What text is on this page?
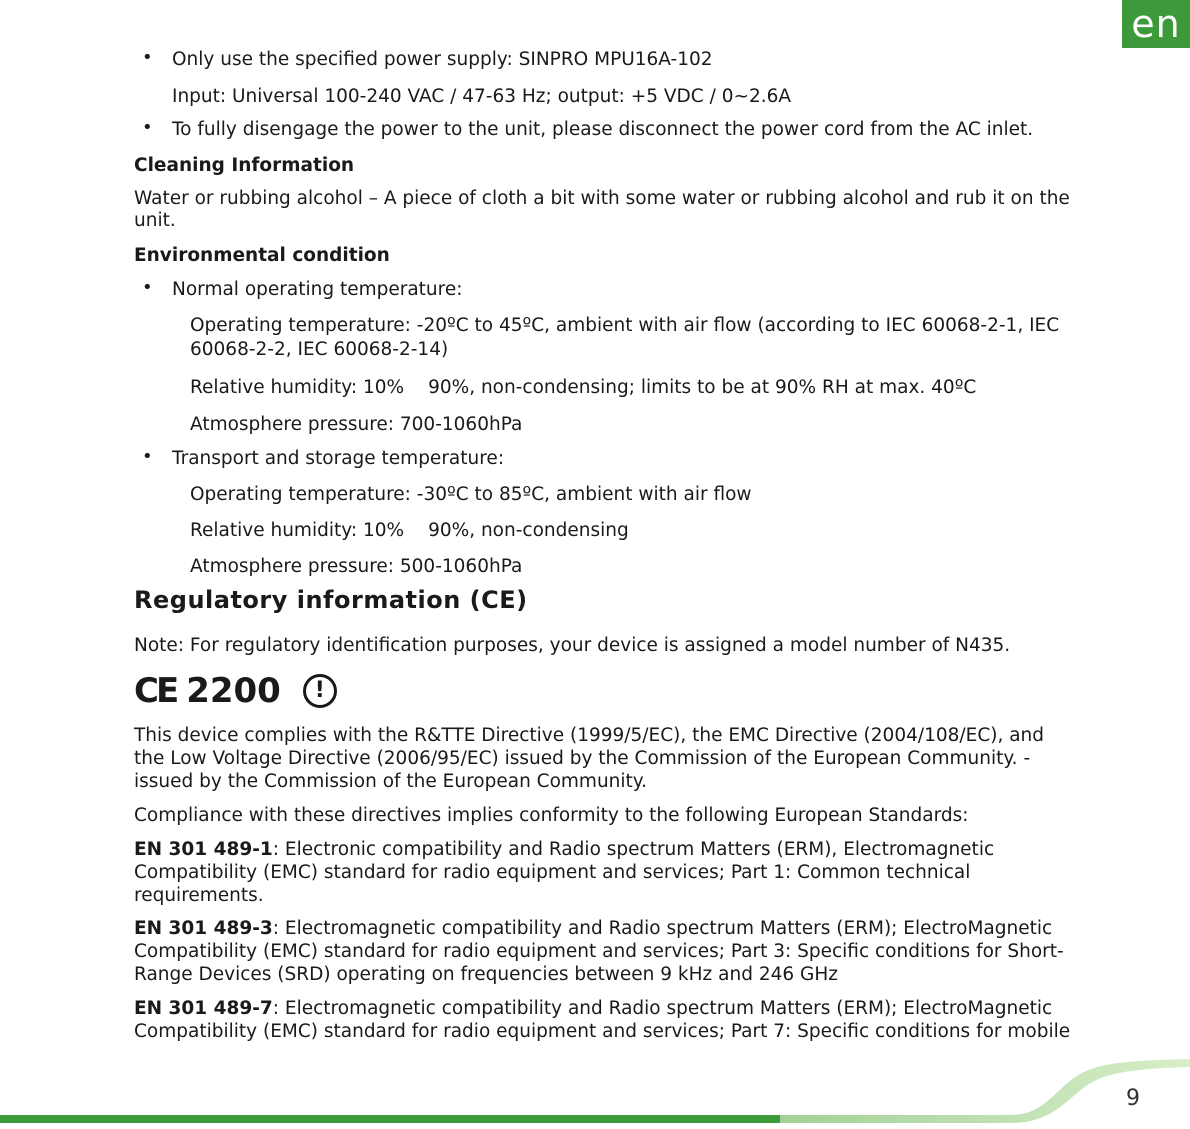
en
• Only use the specified power supply: SINPRO MPU16A-102
Input: Universal 100-240 VAC / 47-63 Hz; output: +5 VDC / 0~2.6A
• To fully disengage the power to the unit, please disconnect the power cord from the AC inlet.
Cleaning Information
Water or rubbing alcohol – A piece of cloth a bit with some water or rubbing alcohol and rub it on the
unit.
Environmental condition
• Normal operating temperature:
Operating temperature: -20ºC to 45ºC, ambient with air flow (according to IEC 60068-2-1, IEC
60068-2-2, IEC 60068-2-14)
Relative humidity: 10% 90%, non-condensing; limits to be at 90% RH at max. 40ºC
Atmosphere pressure: 700-1060hPa
• Transport and storage temperature:
Operating temperature: -30ºC to 85ºC, ambient with air flow
Relative humidity: 10% 90%, non-condensing
Atmosphere pressure: 500-1060hPa
Regulatory information (CE)
Note: For regulatory identification purposes, your device is assigned a model number of N435.
CE 2200	!
This device complies with the R&TTE Directive (1999/5/EC), the EMC Directive (2004/108/EC), and
the Low Voltage Directive (2006/95/EC) issued by the Commission of the European Community. -
issued by the Commission of the European Community.
Compliance with these directives implies conformity to the following European Standards:
EN 301 489-1: Electronic compatibility and Radio spectrum Matters (ERM), Electromagnetic
Compatibility (EMC) standard for radio equipment and services; Part 1: Common technical
requirements.
EN 301 489-3: Electromagnetic compatibility and Radio spectrum Matters (ERM); ElectroMagnetic
Compatibility (EMC) standard for radio equipment and services; Part 3: Specific conditions for Short-
Range Devices (SRD) operating on frequencies between 9 kHz and 246 GHz
EN 301 489-7: Electromagnetic compatibility and Radio spectrum Matters (ERM); ElectroMagnetic
Compatibility (EMC) standard for radio equipment and services; Part 7: Specific conditions for mobile
9
